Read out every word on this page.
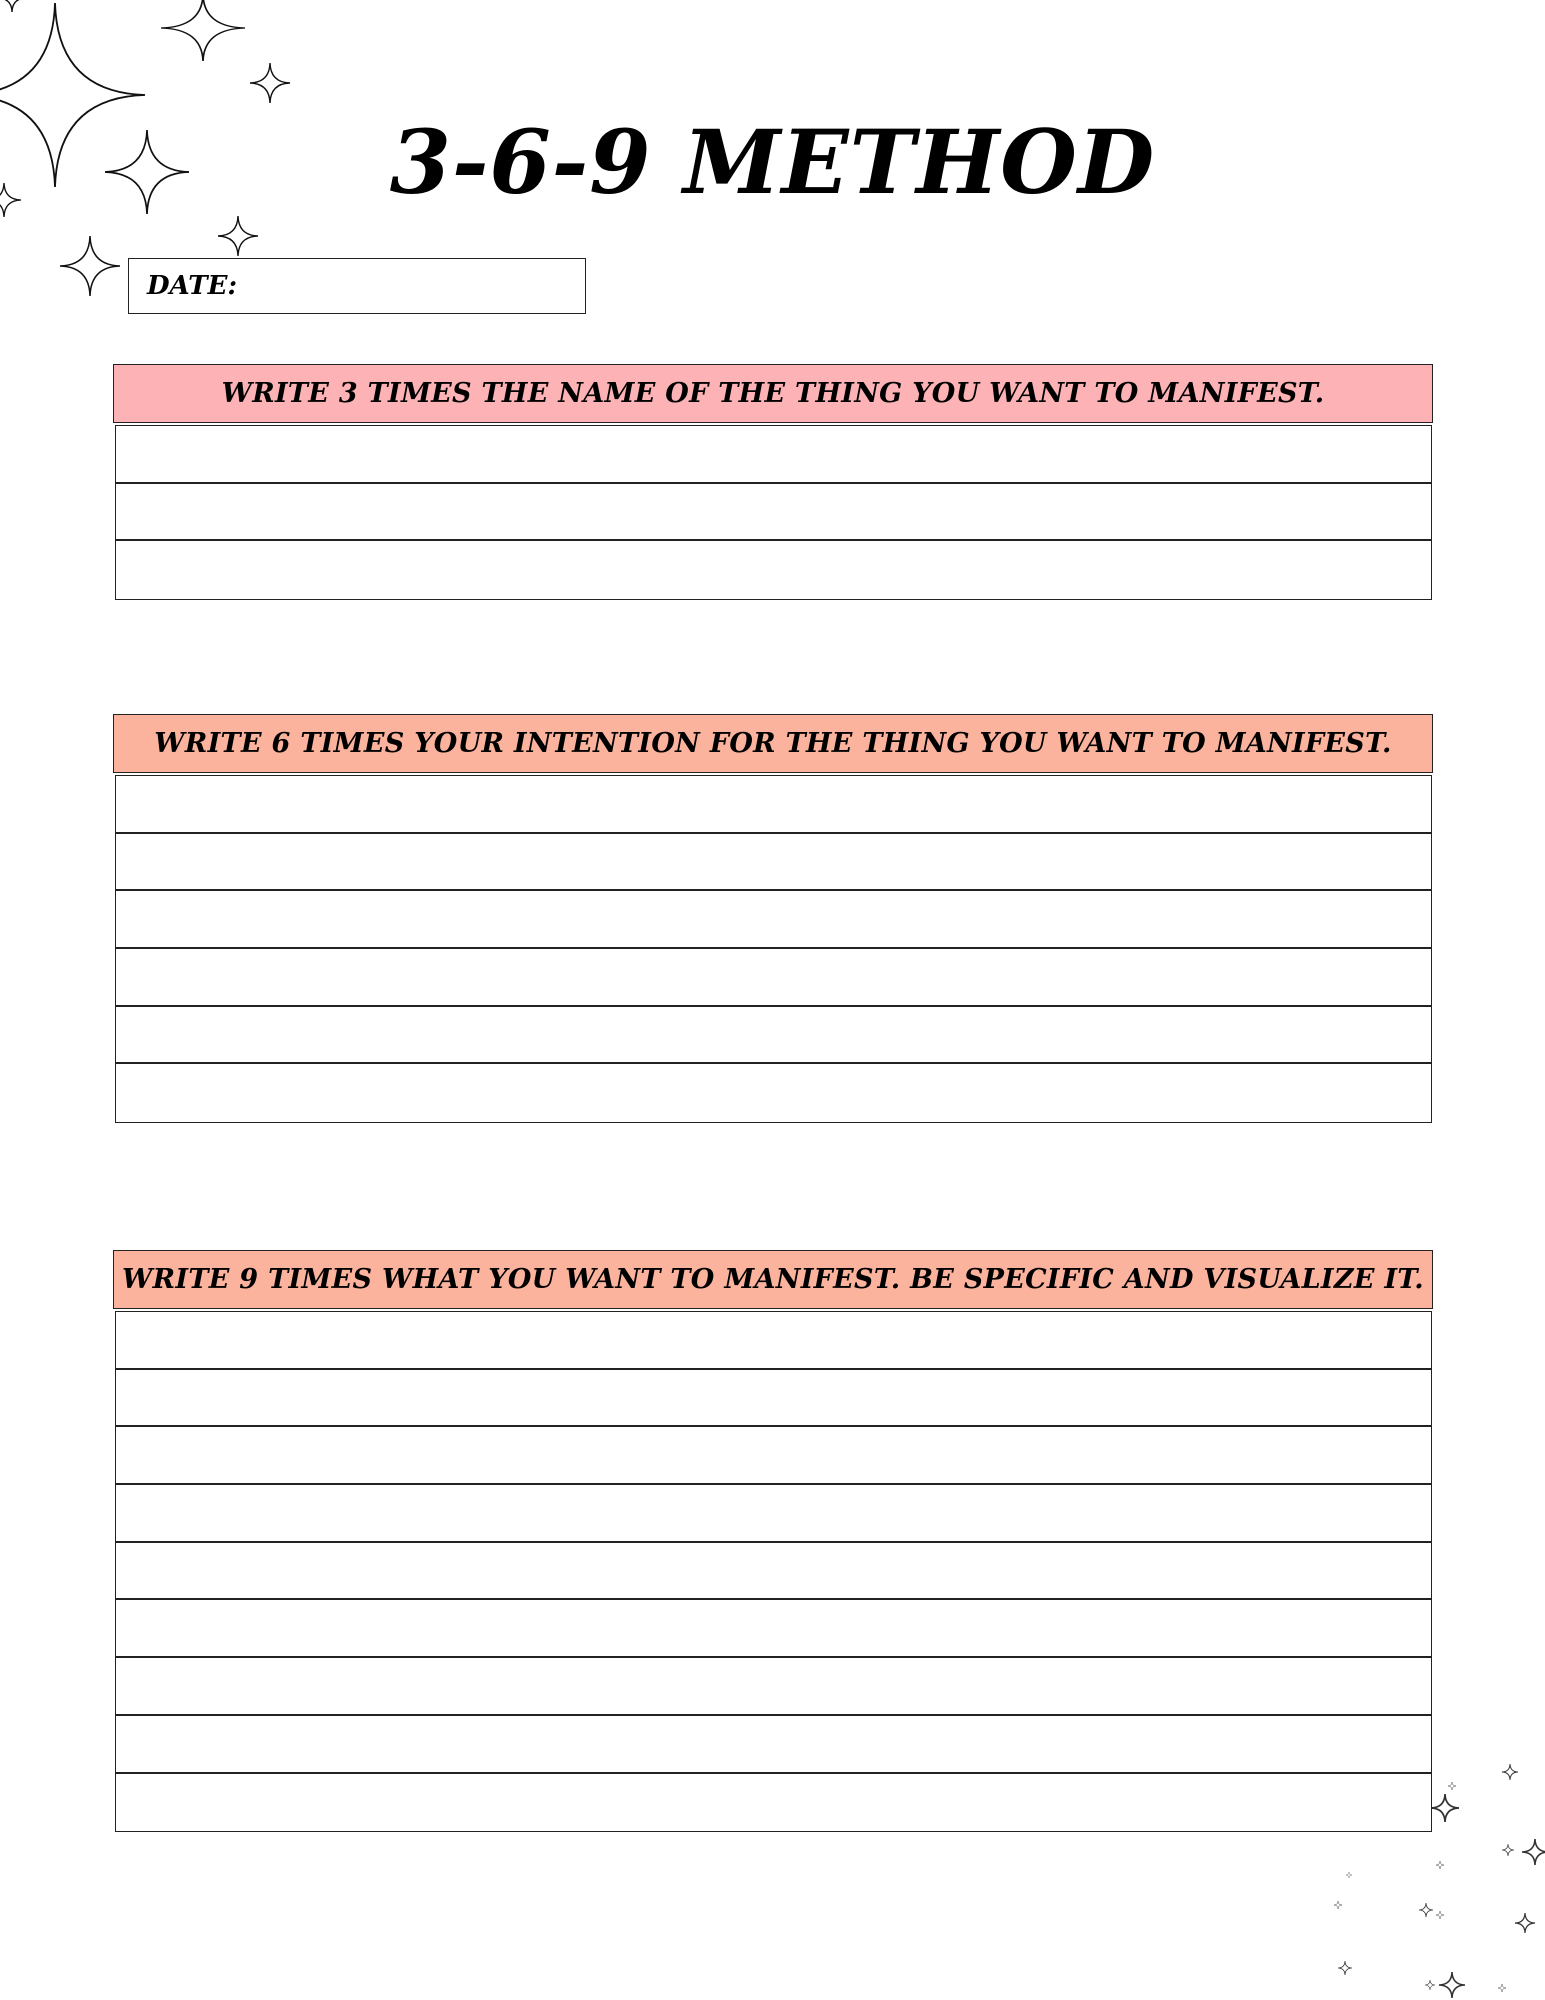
3-6-9 METHOD
DATE:
WRITE 3 TIMES THE NAME OF THE THING YOU WANT TO MANIFEST.
WRITE 6 TIMES YOUR INTENTION FOR THE THING YOU WANT TO MANIFEST.
WRITE 9 TIMES WHAT YOU WANT TO MANIFEST. BE SPECIFIC AND VISUALIZE IT.
